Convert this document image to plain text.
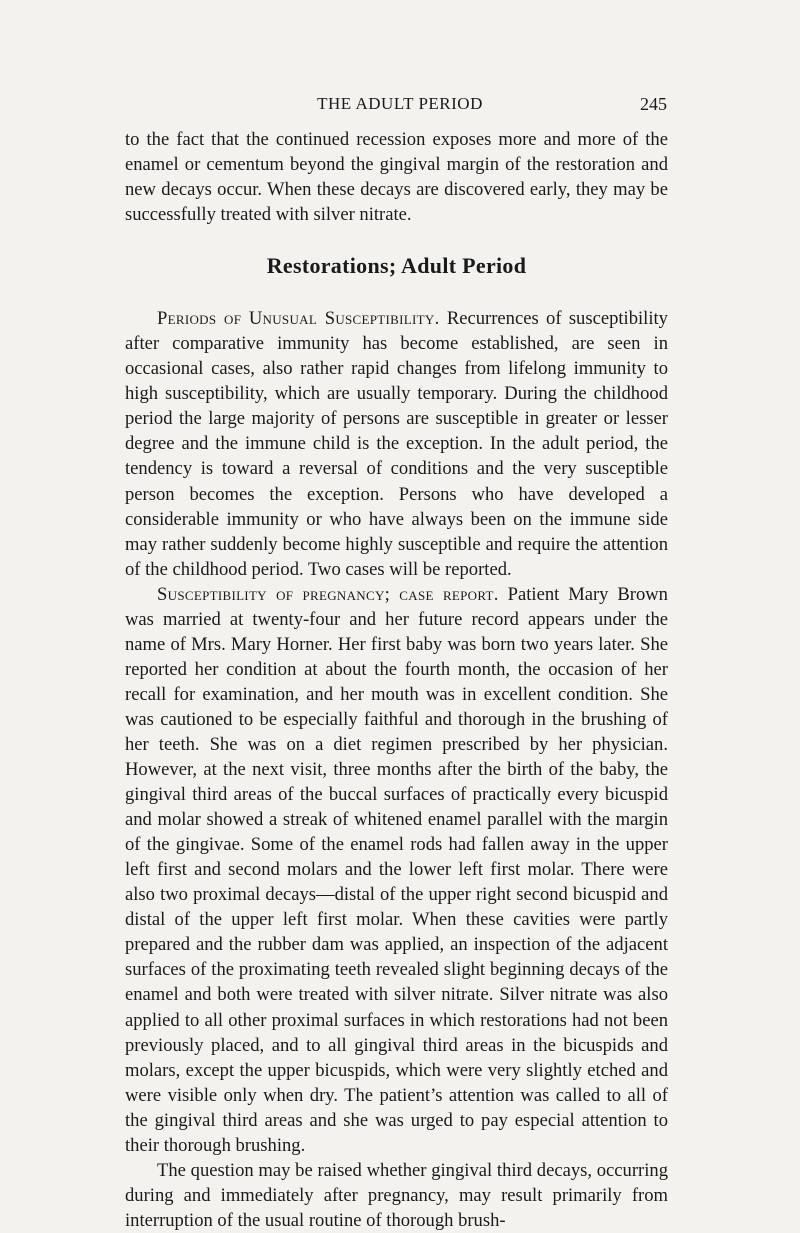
THE ADULT PERIOD	245

to the fact that the continued recession exposes more and more of the enamel or cementum beyond the gingival margin of the restoration and new decays occur. When these decays are discovered early, they may be successfully treated with silver nitrate.

Restorations; Adult Period

Periods of Unusual Susceptibility. Recurrences of susceptibility after comparative immunity has become established, are seen in occasional cases, also rather rapid changes from lifelong immunity to high susceptibility, which are usually temporary. During the childhood period the large majority of persons are susceptible in greater or lesser degree and the immune child is the exception. In the adult period, the tendency is toward a reversal of conditions and the very susceptible person becomes the exception. Persons who have developed a considerable immunity or who have always been on the immune side may rather suddenly become highly susceptible and require the attention of the childhood period. Two cases will be reported.

Susceptibility of pregnancy; case report. Patient Mary Brown was married at twenty-four and her future record appears under the name of Mrs. Mary Horner. Her first baby was born two years later. She reported her condition at about the fourth month, the occasion of her recall for examination, and her mouth was in excellent condition. She was cautioned to be especially faithful and thorough in the brushing of her teeth. She was on a diet regimen prescribed by her physician. However, at the next visit, three months after the birth of the baby, the gingival third areas of the buccal surfaces of practically every bicuspid and molar showed a streak of whitened enamel parallel with the margin of the gingivae. Some of the enamel rods had fallen away in the upper left first and second molars and the lower left first molar. There were also two proximal decays—distal of the upper right second bicuspid and distal of the upper left first molar. When these cavities were partly prepared and the rubber dam was applied, an inspection of the adjacent surfaces of the proximating teeth revealed slight beginning decays of the enamel and both were treated with silver nitrate. Silver nitrate was also applied to all other proximal surfaces in which restorations had not been previously placed, and to all gingival third areas in the bicuspids and molars, except the upper bicuspids, which were very slightly etched and were visible only when dry. The patient’s attention was called to all of the gingival third areas and she was urged to pay especial attention to their thorough brushing.

The question may be raised whether gingival third decays, occurring during and immediately after pregnancy, may result primarily from interruption of the usual routine of thorough brush-
